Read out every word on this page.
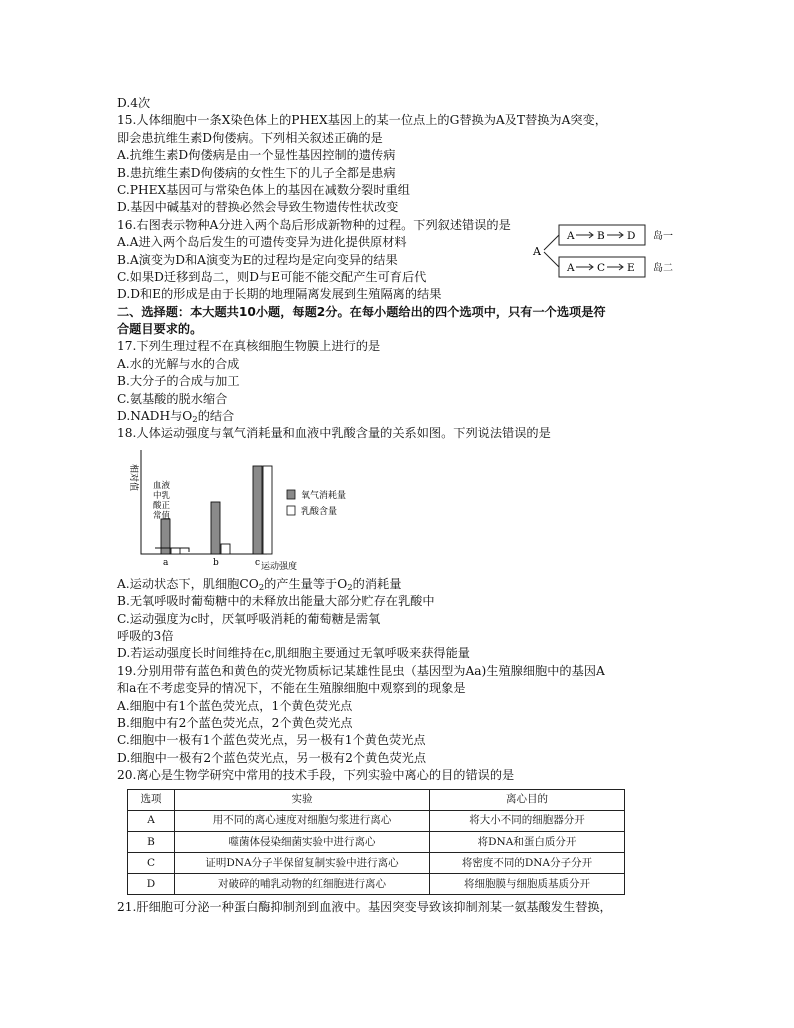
D.4次
15.人体细胞中一条X染色体上的PHEX基因上的某一位点上的G替换为A及T替换为A突变，
即会患抗维生素D佝偻病。下列相关叙述正确的是
A.抗维生素D佝偻病是由一个显性基因控制的遗传病
B.患抗维生素D佝偻病的女性生下的儿子全都是患病
C.PHEX基因可与常染色体上的基因在减数分裂时重组
D.基因中碱基对的替换必然会导致生物遗传性状改变
16.右图表示物种A分进入两个岛后形成新物种的过程。下列叙述错误的是
A.A进入两个岛后发生的可遗传变异为进化提供原材料
B.A演变为D和A演变为E的过程均是定向变异的结果
C.如果D迁移到岛二，则D与E可能不能交配产生可育后代
D.D和E的形成是由于长期的地理隔离发展到生殖隔离的结果
A
A B D
A C E
岛一
岛二
二、选择题：本大题共10小题，每题2分。在每小题给出的四个选项中，只有一个选项是符
合题目要求的。
17.下列生理过程不在真核细胞生物膜上进行的是
A.水的光解与水的合成
B.大分子的合成与加工
C.氨基酸的脱水缩合
D.NADH与$O_2$的结合
18.人体运动强度与氧气消耗量和血液中乳酸含量的关系如图。下列说法错误的是
相对值
运动强度
a	b	c
血液 中乳 酸正 常值
氧气消耗量
乳酸含量
A.运动状态下，肌细胞$CO_2$的产生量等于$O_2$的消耗量
B.无氧呼吸时葡萄糖中的未释放出能量大部分贮存在乳酸中
C.运动强度为c时，厌氧呼吸消耗的葡萄糖是需氧
呼吸的3倍
D.若运动强度长时间维持在c,肌细胞主要通过无氧呼吸来获得能量
19.分别用带有蓝色和黄色的荧光物质标记某雄性昆虫（基因型为Aa)生殖腺细胞中的基因A
和a在不考虑变异的情况下，不能在生殖腺细胞中观察到的现象是
A.细胞中有1个蓝色荧光点，1个黄色荧光点
B.细胞中有2个蓝色荧光点，2个黄色荧光点
C.细胞中一极有1个蓝色荧光点，另一极有1个黄色荧光点
D.细胞中一极有2个蓝色荧光点，另一极有2个黄色荧光点
20.离心是生物学研究中常用的技术手段，下列实验中离心的目的错误的是
选项	实验	离心目的
A	用不同的离心速度对细胞匀浆进行离心	将大小不同的细胞器分开
B	噬菌体侵染细菌实验中进行离心	将DNA和蛋白质分开
C	证明DNA分子半保留复制实验中进行离心	将密度不同的DNA分子分开
D	对破碎的哺乳动物的红细胞进行离心	将细胞膜与细胞质基质分开
21.肝细胞可分泌一种蛋白酶抑制剂到血液中。基因突变导致该抑制剂某一氨基酸发生替换，
